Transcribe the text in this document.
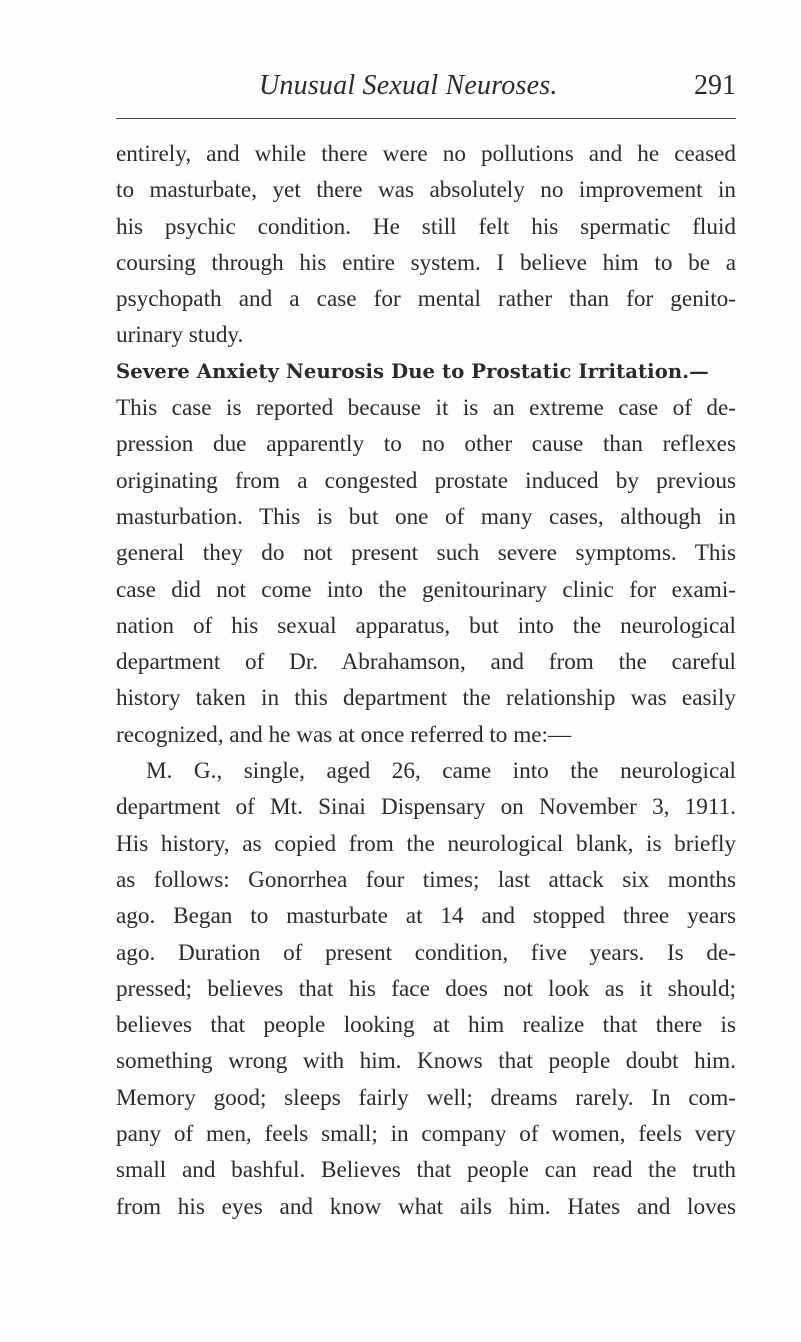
Unusual Sexual Neuroses.	291
entirely, and while there were no pollutions and he ceased
to masturbate, yet there was absolutely no improvement in
his psychic condition. He still felt his spermatic fluid
coursing through his entire system. I believe him to be a
psychopath and a case for mental rather than for genito-
urinary study.
Severe Anxiety Neurosis Due to Prostatic Irritation.—
This case is reported because it is an extreme case of de-
pression due apparently to no other cause than reflexes
originating from a congested prostate induced by previous
masturbation. This is but one of many cases, although in
general they do not present such severe symptoms. This
case did not come into the genitourinary clinic for exami-
nation of his sexual apparatus, but into the neurological
department of Dr. Abrahamson, and from the careful
history taken in this department the relationship was easily
recognized, and he was at once referred to me:—
M. G., single, aged 26, came into the neurological
department of Mt. Sinai Dispensary on November 3, 1911.
His history, as copied from the neurological blank, is briefly
as follows: Gonorrhea four times; last attack six months
ago. Began to masturbate at 14 and stopped three years
ago. Duration of present condition, five years. Is de-
pressed; believes that his face does not look as it should;
believes that people looking at him realize that there is
something wrong with him. Knows that people doubt him.
Memory good; sleeps fairly well; dreams rarely. In com-
pany of men, feels small; in company of women, feels very
small and bashful. Believes that people can read the truth
from his eyes and know what ails him. Hates and loves
